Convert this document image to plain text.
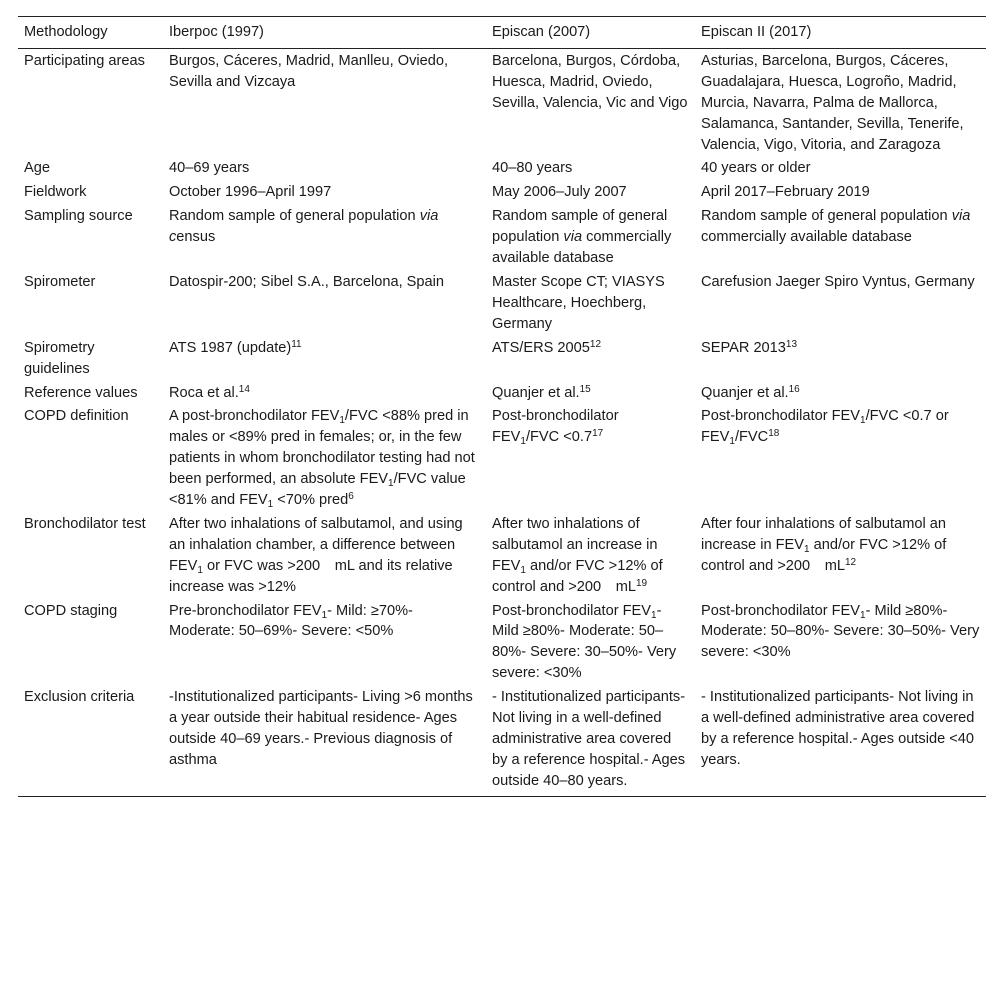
Methodology	Iberpoc (1997)	Episcan (2007)	Episcan II (2017)
Participating areas	Burgos, Cáceres, Madrid, Manlleu, Oviedo, Sevilla and Vizcaya	Barcelona, Burgos, Córdoba, Huesca, Madrid, Oviedo, Sevilla, Valencia, Vic and Vigo	Asturias, Barcelona, Burgos, Cáceres, Guadalajara, Huesca, Logroño, Madrid, Murcia, Navarra, Palma de Mallorca, Salamanca, Santander, Sevilla, Tenerife, Valencia, Vigo, Vitoria, and Zaragoza
Age	40–69 years	40–80 years	40 years or older
Fieldwork	October 1996–April 1997	May 2006–July 2007	April 2017–February 2019
Sampling source	Random sample of general population via census	Random sample of general population via commercially available database	Random sample of general population via commercially available database
Spirometer	Datospir-200; Sibel S.A., Barcelona, Spain	Master Scope CT; VIASYS Healthcare, Hoechberg, Germany	Carefusion Jaeger Spiro Vyntus, Germany
Spirometry guidelines	ATS 1987 (update)$^{11}$	ATS/ERS 2005$^{12}$	SEPAR 2013$^{13}$
Reference values	Roca et al.$^{14}$	Quanjer et al.$^{15}$	Quanjer et al.$^{16}$
COPD definition	A post-bronchodilator $FEV_1$/FVC <88% pred in males or <89% pred in females; or, in the few patients in whom bronchodilator testing had not been performed, an absolute $FEV_1$/FVC value <81% and $FEV_1 <70\%$ pred$^6$	Post-bronchodilator $FEV_1$/FVC $<0.7^{17}$	Post-bronchodilator $FEV_1$/FVC <0.7 or $FEV_1/FVC^{18}$
Bronchodilator test	After two inhalations of salbutamol, and using an inhalation chamber, a difference between $FEV_1$ or FVC was >200 mL and its relative increase was >12%	After two inhalations of salbutamol an increase in $FEV_1$ and/or FVC >12% of control and >200 $mL^{19}$	After four inhalations of salbutamol an increase in $FEV_1$ and/or FVC >12% of control and >200 $mL^{12}$
COPD staging	Pre-bronchodilator $FEV_1-$ Mild: ≥70%- Moderate: 50–69%- Severe: <50%	Post-bronchodilator $FEV_1-$ Mild ≥80%- Moderate: 50–80%- Severe: 30–50%- Very severe: <30%	Post-bronchodilator $FEV_1-$ Mild ≥80%- Moderate: 50–80%- Severe: 30–50%- Very severe: <30%
Exclusion criteria	-Institutionalized participants- Living >6 months a year outside their habitual residence- Ages outside 40–69 years.- Previous diagnosis of asthma	- Institutionalized participants- Not living in a well-defined administrative area covered by a reference hospital.- Ages outside 40–80 years.	- Institutionalized participants- Not living in a well-defined administrative area covered by a reference hospital.- Ages outside <40 years.
